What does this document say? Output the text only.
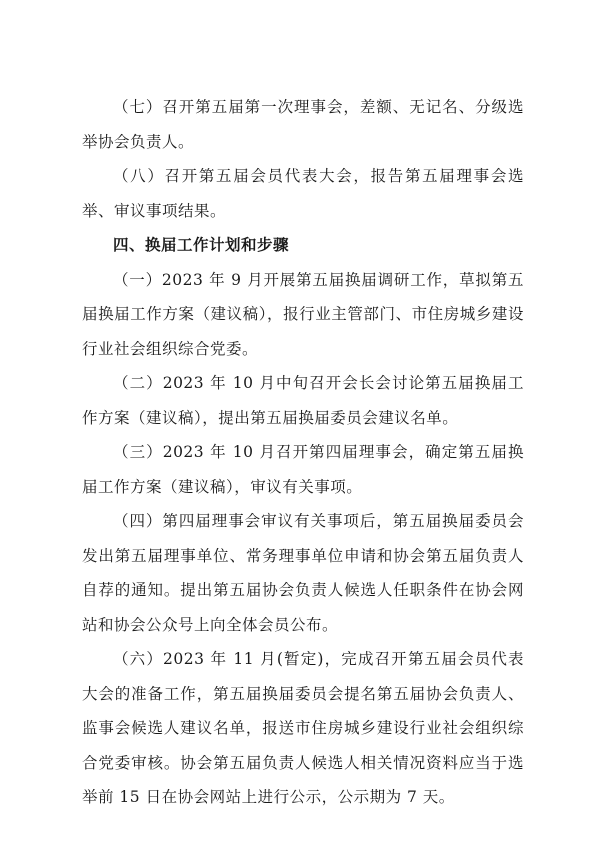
（七）召开第五届第一次理事会，差额、无记名、分级选举协会负责人。

（八）召开第五届会员代表大会，报告第五届理事会选举、审议事项结果。

四、换届工作计划和步骤

（一）2023 年 9 月开展第五届换届调研工作，草拟第五届换届工作方案（建议稿），报行业主管部门、市住房城乡建设行业社会组织综合党委。

（二）2023 年 10 月中旬召开会长会讨论第五届换届工作方案（建议稿），提出第五届换届委员会建议名单。

（三）2023 年 10 月召开第四届理事会，确定第五届换届工作方案（建议稿），审议有关事项。

（四）第四届理事会审议有关事项后，第五届换届委员会发出第五届理事单位、常务理事单位申请和协会第五届负责人自荐的通知。提出第五届协会负责人候选人任职条件在协会网站和协会公众号上向全体会员公布。

（六）2023 年 11 月(暂定)，完成召开第五届会员代表大会的准备工作，第五届换届委员会提名第五届协会负责人、监事会候选人建议名单，报送市住房城乡建设行业社会组织综合党委审核。协会第五届负责人候选人相关情况资料应当于选举前 15 日在协会网站上进行公示，公示期为 7 天。
